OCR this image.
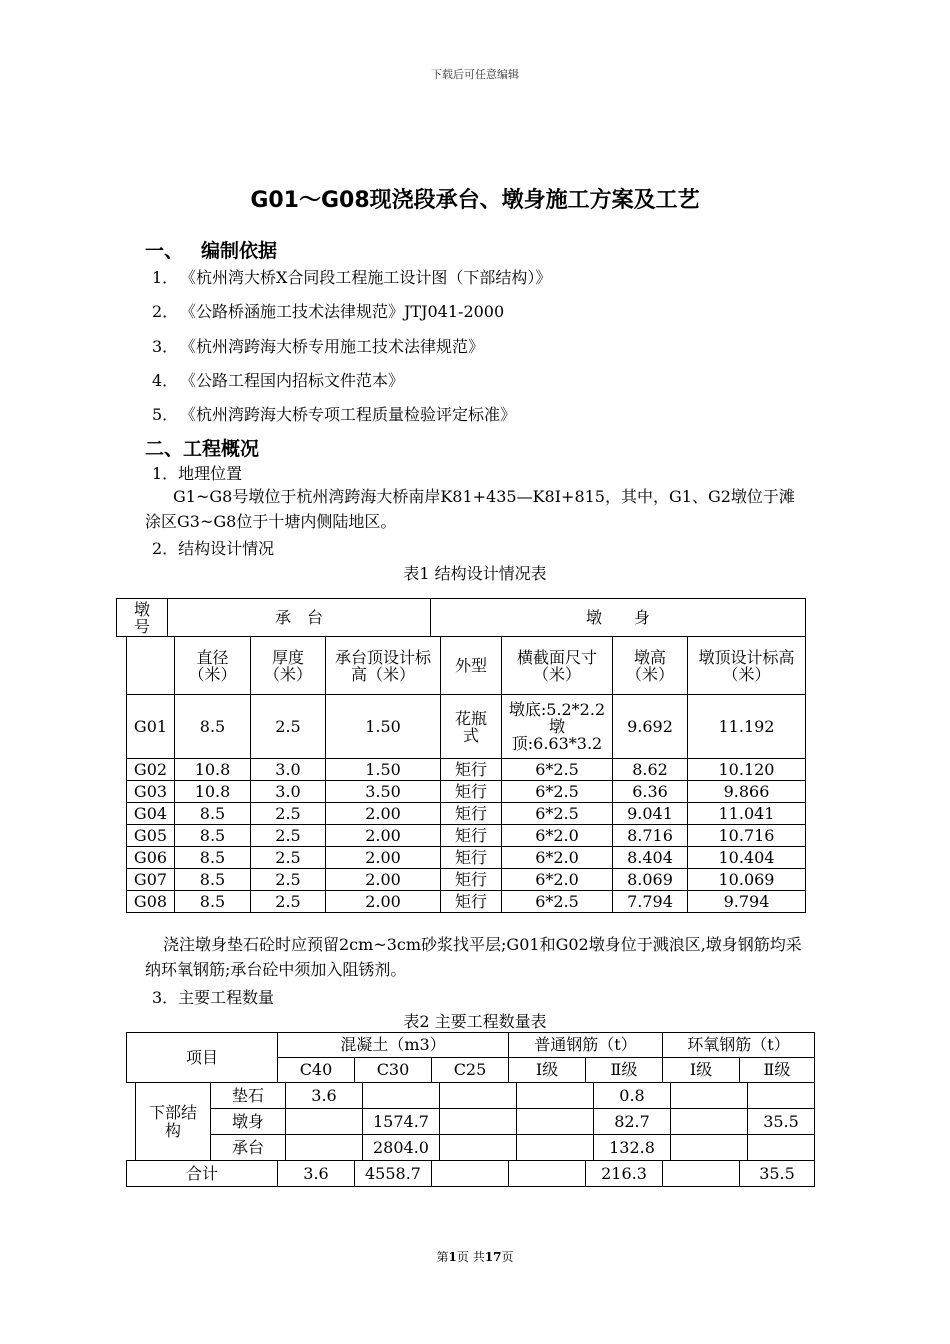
下载后可任意编辑
G01～G08现浇段承台、墩身施工方案及工艺
一、 编制依据
1． 《杭州湾大桥Ⅹ合同段工程施工设计图（下部结构）》
2． 《公路桥涵施工技术法律规范》JTJ041-2000
3． 《杭州湾跨海大桥专用施工技术法律规范》
4． 《公路工程国内招标文件范本》
5． 《杭州湾跨海大桥专项工程质量检验评定标准》
二、工程概况
1．地理位置
G1~G8号墩位于杭州湾跨海大桥南岸K81+435—K8I+815，其中，G1、G2墩位于滩涂区G3~G8位于十塘内侧陆地区。
2．结构设计情况
表1 结构设计情况表
墩号	承　台	墩　　身

	直径（米）	厚度（米）	承台顶设计标高（米）	外型	横截面尺寸（米）	墩高（米）	墩顶设计标高（米）

G01	8.5	2.5	1.50	花瓶式	墩底:5.2*2.2 墩顶:6.63*3.2	9.692	11.192
G02	10.8	3.0	1.50	矩行	6*2.5	8.62	10.120
G03	10.8	3.0	3.50	矩行	6*2.5	6.36	9.866
G04	8.5	2.5	2.00	矩行	6*2.5	9.041	11.041
G05	8.5	2.5	2.00	矩行	6*2.0	8.716	10.716
G06	8.5	2.5	2.00	矩行	6*2.0	8.404	10.404
G07	8.5	2.5	2.00	矩行	6*2.0	8.069	10.069
G08	8.5	2.5	2.00	矩行	6*2.5	7.794	9.794
浇注墩身垫石砼时应预留2cm~3cm砂浆找平层;G01和G02墩身位于溅浪区,墩身钢筋均采纳环氧钢筋;承台砼中须加入阻锈剂。
3．主要工程数量
表2 主要工程数量表
项目	混凝土（m3）			普通钢筋（t）		环氧钢筋（t）	
	C40	C30	C25	Ⅰ级	Ⅱ级	Ⅰ级	Ⅱ级
下部结构	垫石	3.6				0.8		
	墩身		1574.7			82.7		35.5
	承台		2804.0			132.8		
合计	3.6	4558.7			216.3		35.5
第1页 共17页
